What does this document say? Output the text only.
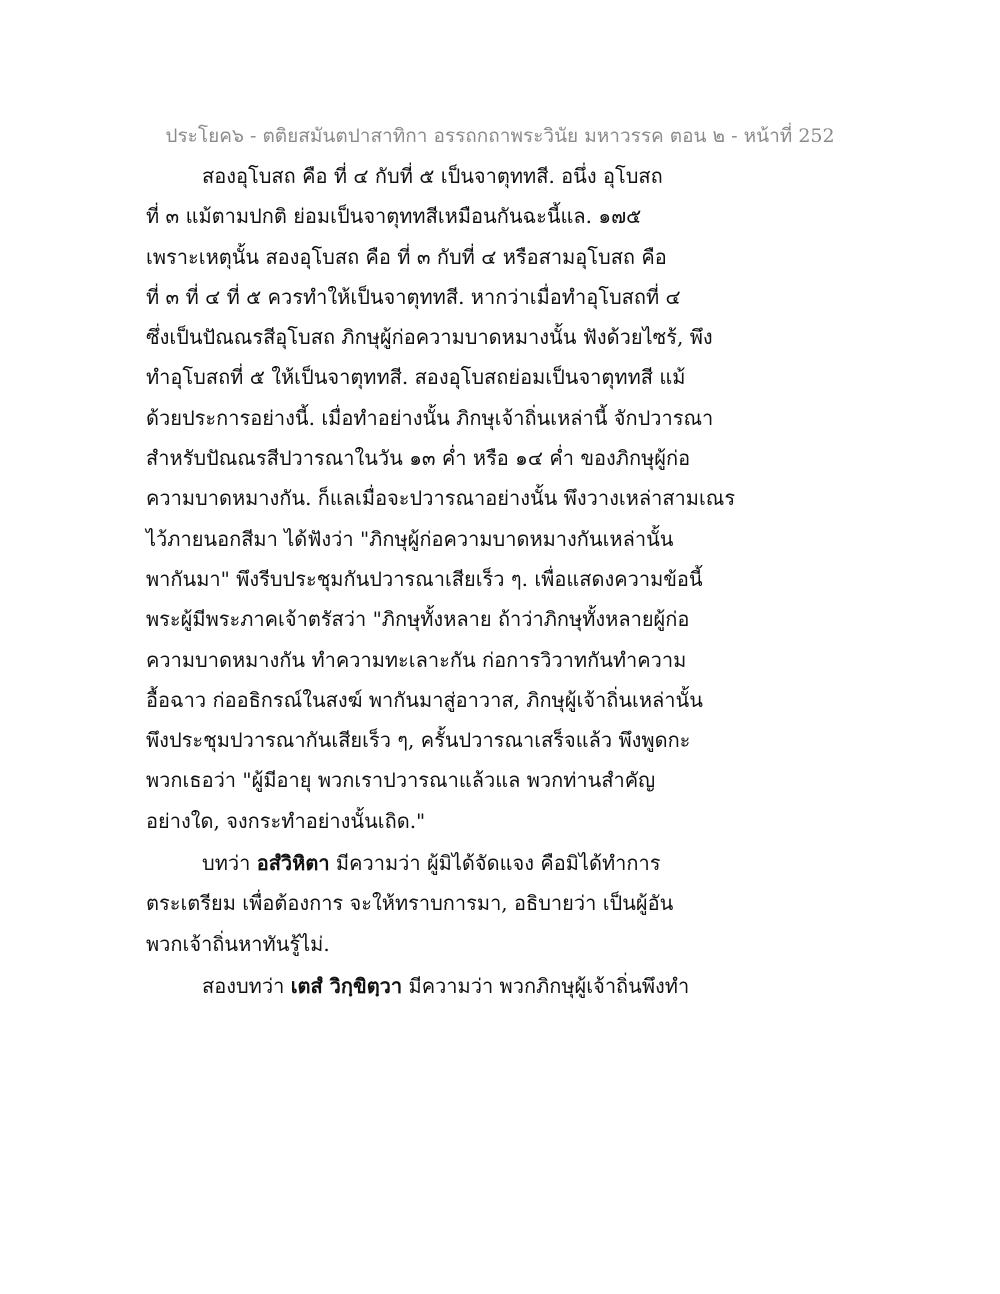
ประโยค๖ - ตติยสมันตปาสาทิกา อรรถกถาพระวินัย มหาวรรค ตอน ๒ - หน้าที่ 252
สองอุโบสถ คือ ที่ ๔ กับที่ ๕ เป็นจาตุททสี. อนึ่ง อุโบสถ
ที่ ๓ แม้ตามปกติ ย่อมเป็นจาตุททสีเหมือนกันฉะนี้แล. ๑๗๕
เพราะเหตุนั้น สองอุโบสถ คือ ที่ ๓ กับที่ ๔ หรือสามอุโบสถ คือ
ที่ ๓ ที่ ๔ ที่ ๕ ควรทำให้เป็นจาตุททสี. หากว่าเมื่อทำอุโบสถที่ ๔
ซึ่งเป็นปัณณรสีอุโบสถ ภิกษุผู้ก่อความบาดหมางนั้น ฟังด้วยไซร้, พึง
ทำอุโบสถที่ ๕ ให้เป็นจาตุททสี. สองอุโบสถย่อมเป็นจาตุททสี แม้
ด้วยประการอย่างนี้. เมื่อทำอย่างนั้น ภิกษุเจ้าถิ่นเหล่านี้ จักปวารณา
สำหรับปัณณรสีปวารณาในวัน ๑๓ ค่ำ หรือ ๑๔ ค่ำ ของภิกษุผู้ก่อ
ความบาดหมางกัน. ก็แลเมื่อจะปวารณาอย่างนั้น พึงวางเหล่าสามเณร
ไว้ภายนอกสีมา ได้ฟังว่า "ภิกษุผู้ก่อความบาดหมางกันเหล่านั้น
พากันมา" พึงรีบประชุมกันปวารณาเสียเร็ว ๆ. เพื่อแสดงความข้อนี้
พระผู้มีพระภาคเจ้าตรัสว่า "ภิกษุทั้งหลาย ถ้าว่าภิกษุทั้งหลายผู้ก่อ
ความบาดหมางกัน ทำความทะเลาะกัน ก่อการวิวาทกันทำความ
อื้อฉาว ก่ออธิกรณ์ในสงฆ์ พากันมาสู่อาวาส, ภิกษุผู้เจ้าถิ่นเหล่านั้น
พึงประชุมปวารณากันเสียเร็ว ๆ, ครั้นปวารณาเสร็จแล้ว พึงพูดกะ
พวกเธอว่า "ผู้มีอายุ พวกเราปวารณาแล้วแล พวกท่านสำคัญ
อย่างใด, จงกระทำอย่างนั้นเถิด."
บทว่า อสํวิหิตา มีความว่า ผู้มิได้จัดแจง คือมิได้ทำการ
ตระเตรียม เพื่อต้องการ จะให้ทราบการมา, อธิบายว่า เป็นผู้อัน
พวกเจ้าถิ่นหาทันรู้ไม่.
สองบทว่า เตสํ วิกฺขิตฺวา มีความว่า พวกภิกษุผู้เจ้าถิ่นพึงทำ
